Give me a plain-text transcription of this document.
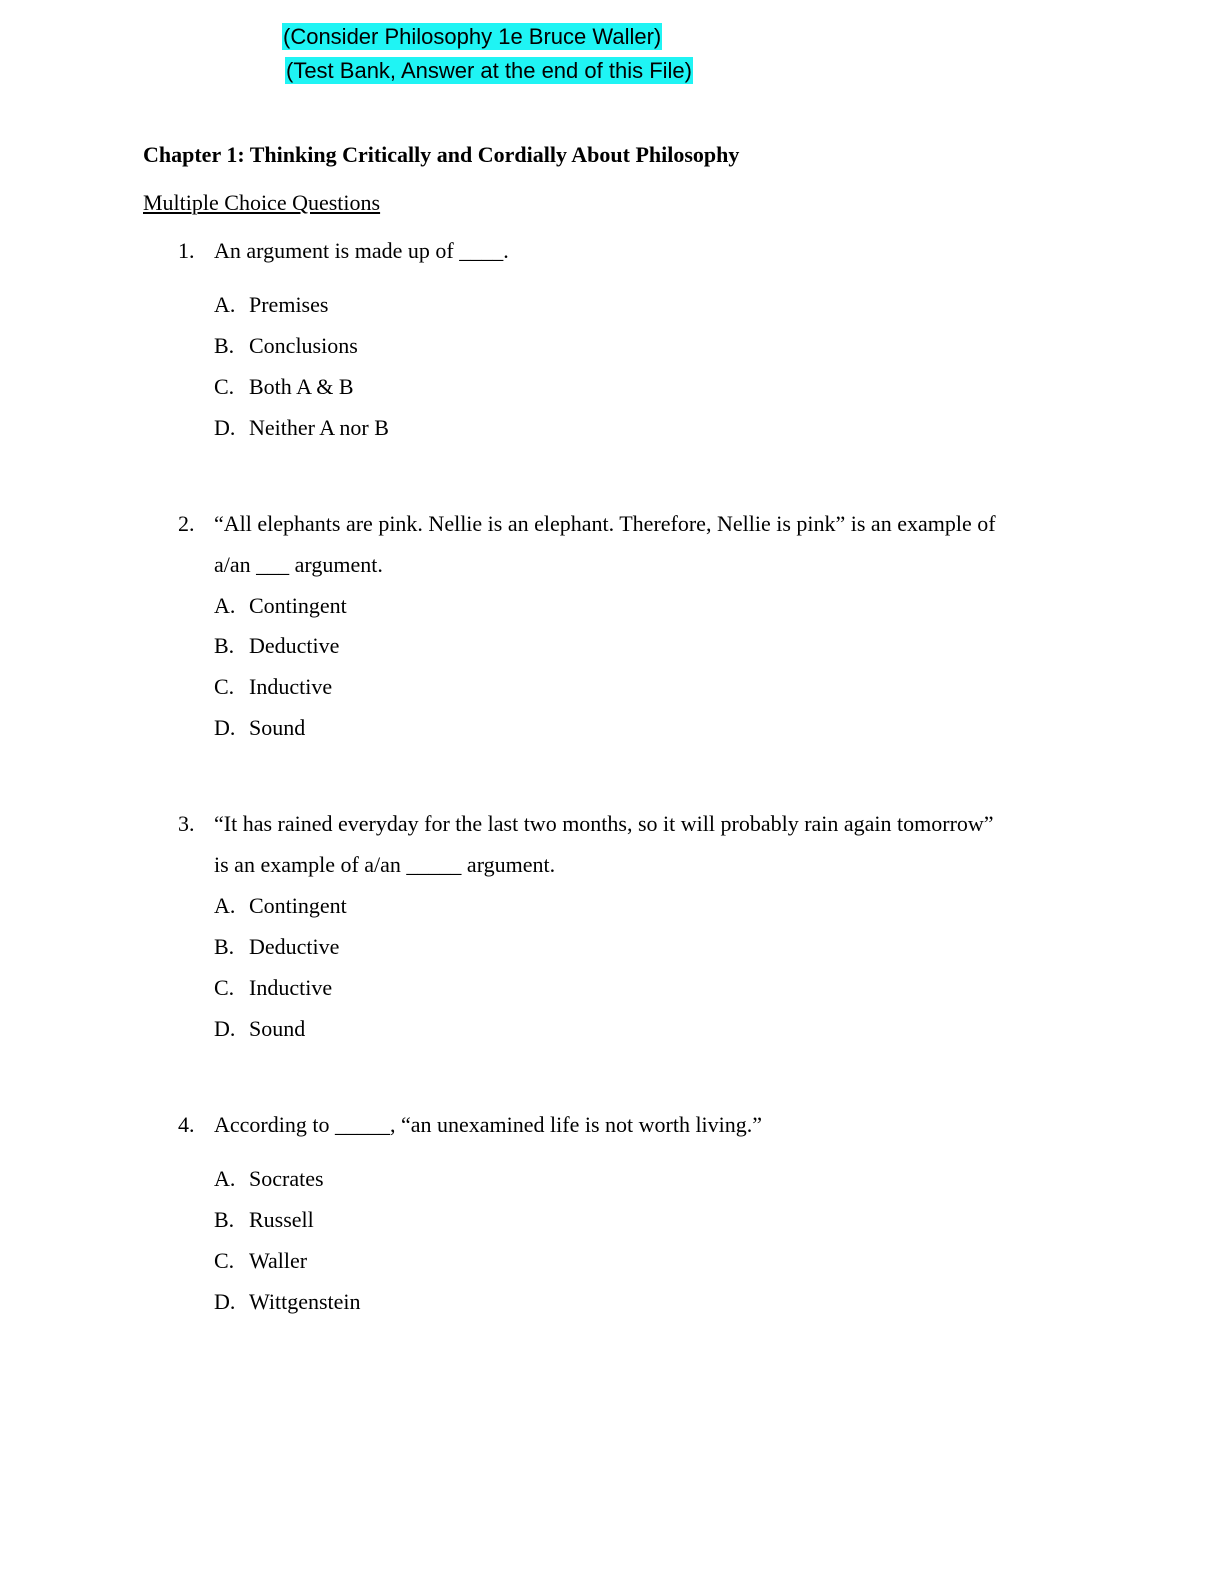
(Consider Philosophy 1e Bruce Waller)
(Test Bank, Answer at the end of this File)
Chapter 1: Thinking Critically and Cordially About Philosophy
Multiple Choice Questions
1. An argument is made up of ____.
A. Premises
B. Conclusions
C. Both A & B
D. Neither A nor B
2. “All elephants are pink. Nellie is an elephant. Therefore, Nellie is pink” is an example of
a/an ___ argument.
A. Contingent
B. Deductive
C. Inductive
D. Sound
3. “It has rained everyday for the last two months, so it will probably rain again tomorrow”
is an example of a/an _____ argument.
A. Contingent
B. Deductive
C. Inductive
D. Sound
4. According to _____, “an unexamined life is not worth living.”
A. Socrates
B. Russell
C. Waller
D. Wittgenstein
